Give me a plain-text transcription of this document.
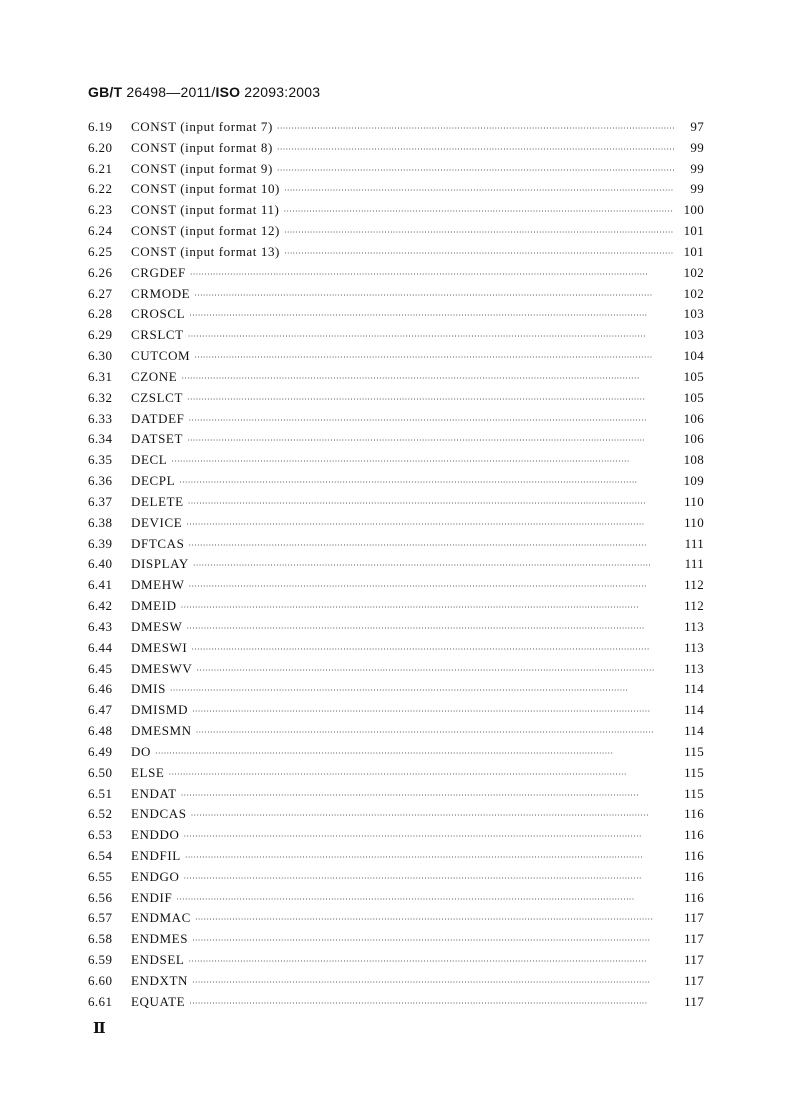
GB/T 26498—2011/ISO 22093:2003
6.19	CONST (input format 7) ·····	97
6.20	CONST (input format 8) ·····	99
6.21	CONST (input format 9) ·····	99
6.22	CONST (input format 10) ·····	99
6.23	CONST (input format 11) ·····	100
6.24	CONST (input format 12) ·····	101
6.25	CONST (input format 13) ·····	101
6.26	CRGDEF ·····	102
6.27	CRMODE ·····	102
6.28	CROSCL ·····	103
6.29	CRSLCT ·····	103
6.30	CUTCOM ·····	104
6.31	CZONE ·····	105
6.32	CZSLCT ·····	105
6.33	DATDEF ·····	106
6.34	DATSET ·····	106
6.35	DECL ·····	108
6.36	DECPL ·····	109
6.37	DELETE ·····	110
6.38	DEVICE ·····	110
6.39	DFTCAS ·····	111
6.40	DISPLAY ·····	111
6.41	DMEHW ·····	112
6.42	DMEID ·····	112
6.43	DMESW ·····	113
6.44	DMESWI ·····	113
6.45	DMESWV ·····	113
6.46	DMIS ·····	114
6.47	DMISMD ·····	114
6.48	DMESMN ·····	114
6.49	DO ·····	115
6.50	ELSE ·····	115
6.51	ENDAT ·····	115
6.52	ENDCAS ·····	116
6.53	ENDDO ·····	116
6.54	ENDFIL ·····	116
6.55	ENDGO ·····	116
6.56	ENDIF ·····	116
6.57	ENDMAC ·····	117
6.58	ENDMES ·····	117
6.59	ENDSEL ·····	117
6.60	ENDXTN ·····	117
6.61	EQUATE ·····	117
Ⅱ
